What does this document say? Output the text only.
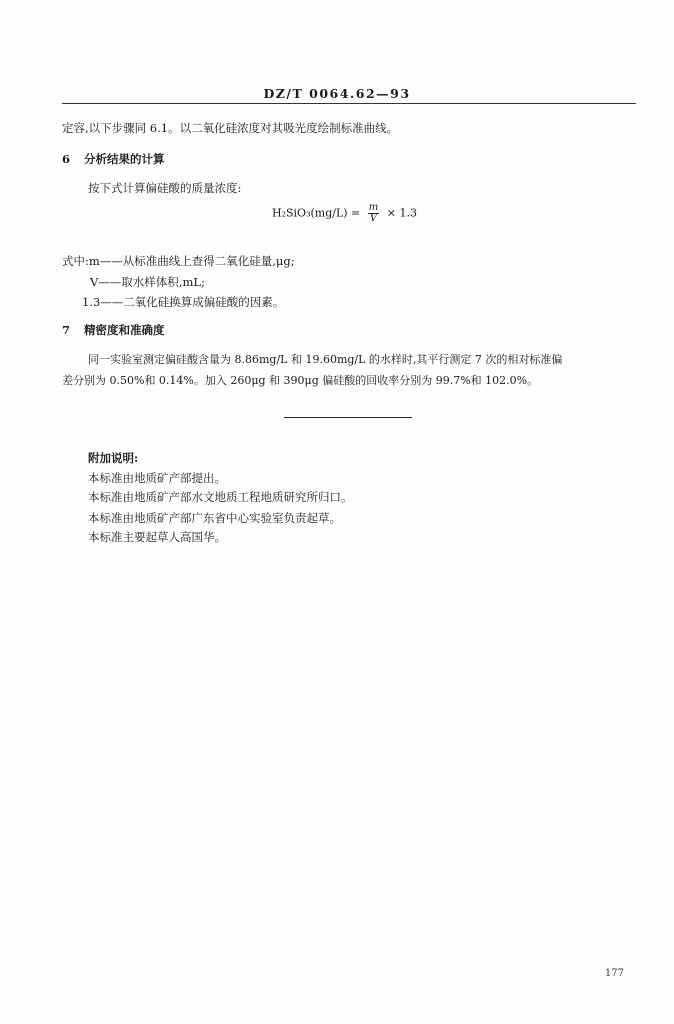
DZ/T 0064.62—93
定容,以下步骤同 6.1。以二氧化硅浓度对其吸光度绘制标准曲线。
6 分析结果的计算
按下式计算偏硅酸的质量浓度:
$H_2SiO_3(mg/L) = \frac{m}{V} \times 1.3$
式中:m——从标准曲线上查得二氧化硅量,μg;
V——取水样体积,mL;
1.3——二氧化硅换算成偏硅酸的因素。
7 精密度和准确度
同一实验室测定偏硅酸含量为 8.86mg/L 和 19.60mg/L 的水样时,其平行测定 7 次的相对标准偏
差分别为 0.50%和 0.14%。加入 260μg 和 390μg 偏硅酸的回收率分别为 99.7%和 102.0%。
附加说明:
本标准由地质矿产部提出。
本标准由地质矿产部水文地质工程地质研究所归口。
本标准由地质矿产部广东省中心实验室负责起草。
本标准主要起草人高国华。
177
